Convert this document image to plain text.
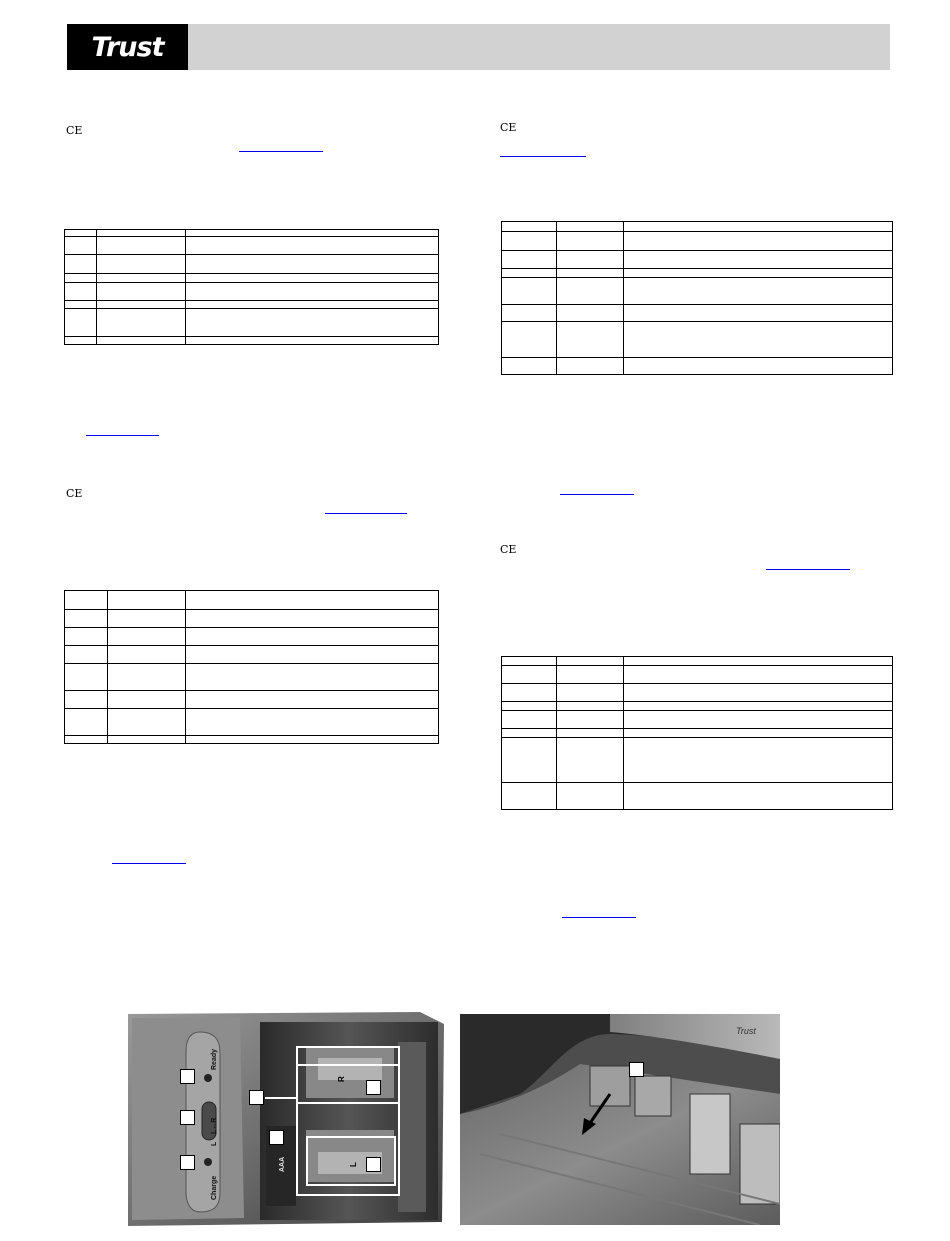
Trust
CE	CE
CE
CE

R
L
Ready
L↔R
L
Charge
AAA
Trust
